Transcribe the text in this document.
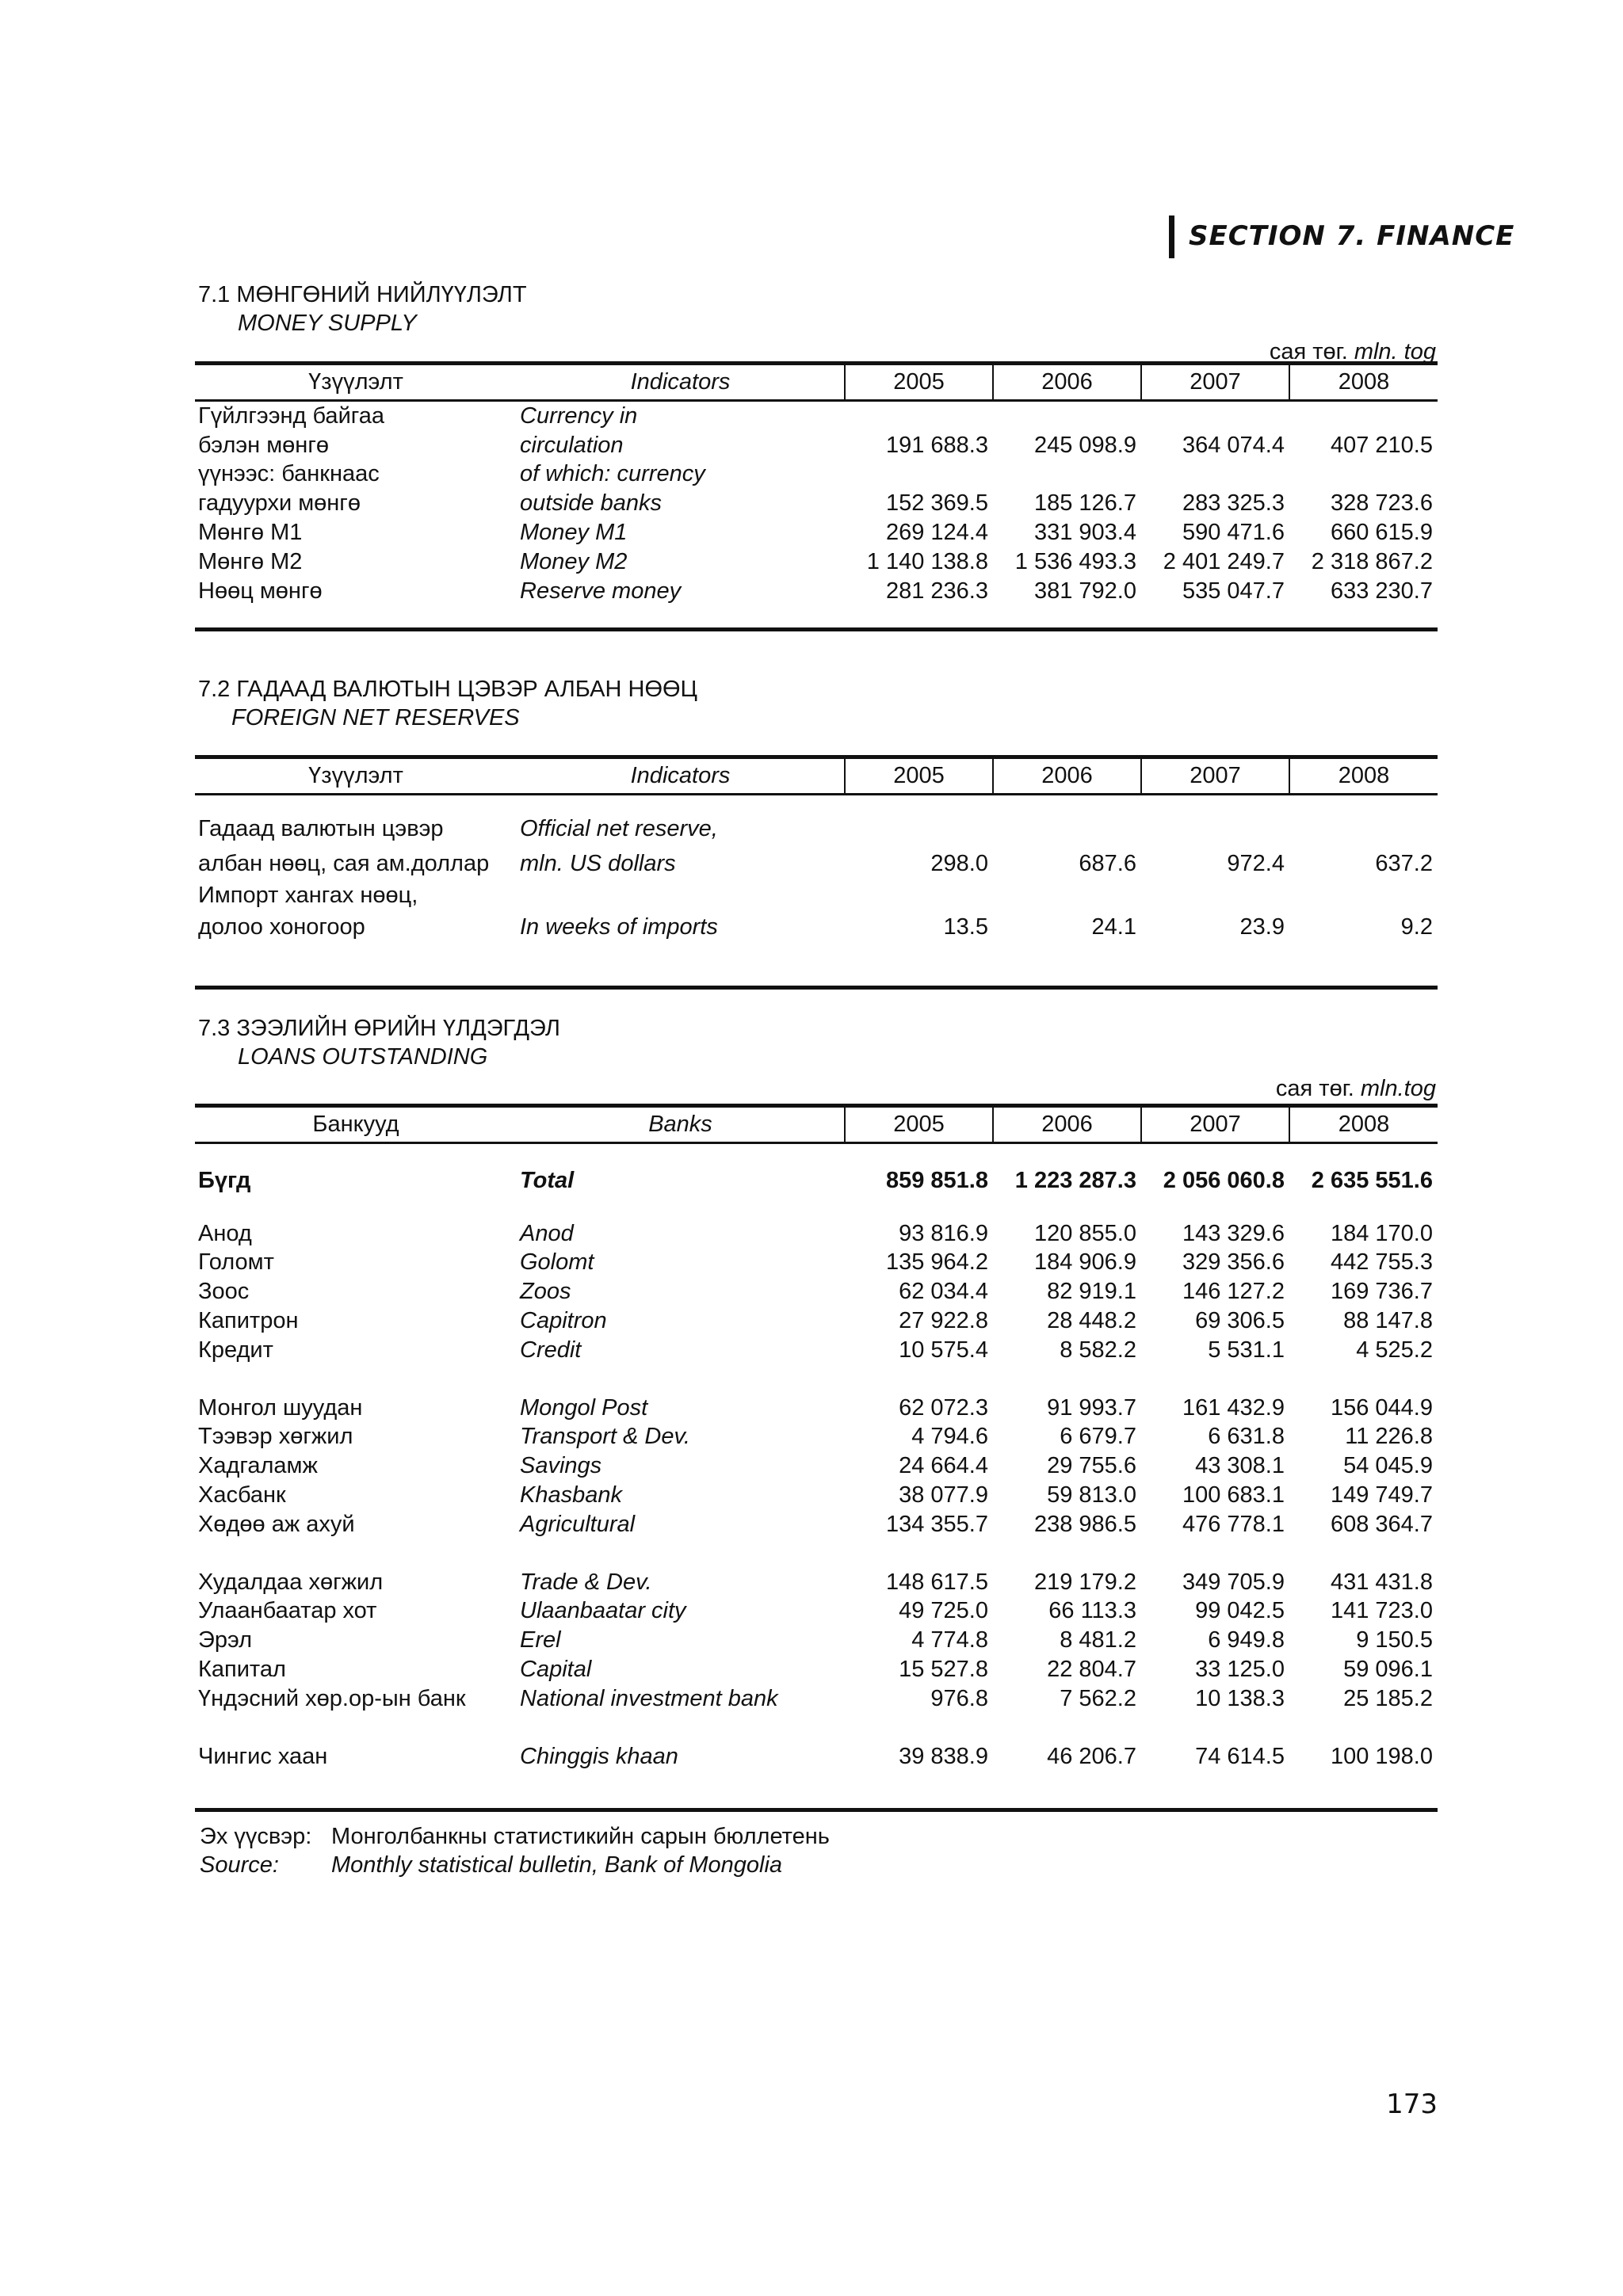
SECTION 7. FINANCE
7.1 МӨНГӨНИЙ НИЙЛҮҮЛЭЛТ
MONEY SUPPLY
сая төг. mln. tog
Үзүүлэлт	Indicators	2005	2006	2007	2008
Гүйлгээнд байгаа	Currency in				
бэлэн мөнгө	circulation	191 688.3	245 098.9	364 074.4	407 210.5
үүнээс: банкнаас	of which: currency				
гадуурхи мөнгө	outside banks	152 369.5	185 126.7	283 325.3	328 723.6
Мөнгө М1	Money M1	269 124.4	331 903.4	590 471.6	660 615.9
Мөнгө М2	Money M2	1 140 138.8	1 536 493.3	2 401 249.7	2 318 867.2
Нөөц мөнгө	Reserve money	281 236.3	381 792.0	535 047.7	633 230.7
7.2 ГАДААД ВАЛЮТЫН ЦЭВЭР АЛБАН НӨӨЦ
FOREIGN NET RESERVES
Үзүүлэлт	Indicators	2005	2006	2007	2008

Гадаад валютын цэвэр	Official net reserve,				
албан нөөц, сая ам.доллар	mln. US dollars	298.0	687.6	972.4	637.2
Импорт хангах нөөц,					
долоо хоногоор	In weeks of imports	13.5	24.1	23.9	9.2
7.3 ЗЭЭЛИЙН ӨРИЙН ҮЛДЭГДЭЛ
LOANS OUTSTANDING
сая төг. mln.tog
Банкууд	Banks	2005	2006	2007	2008

Бүгд	Total	859 851.8	1 223 287.3	2 056 060.8	2 635 551.6

Анод	Anod	93 816.9	120 855.0	143 329.6	184 170.0
Голомт	Golomt	135 964.2	184 906.9	329 356.6	442 755.3
Зоос	Zoos	62 034.4	82 919.1	146 127.2	169 736.7
Капитрон	Capitron	27 922.8	28 448.2	69 306.5	88 147.8
Кредит	Credit	10 575.4	8 582.2	5 531.1	4 525.2

Монгол шуудан	Mongol Post	62 072.3	91 993.7	161 432.9	156 044.9
Тээвэр хөгжил	Transport & Dev.	4 794.6	6 679.7	6 631.8	11 226.8
Хадгаламж	Savings	24 664.4	29 755.6	43 308.1	54 045.9
Хасбанк	Khasbank	38 077.9	59 813.0	100 683.1	149 749.7
Хөдөө аж ахуй	Agricultural	134 355.7	238 986.5	476 778.1	608 364.7

Худалдаа хөгжил	Trade & Dev.	148 617.5	219 179.2	349 705.9	431 431.8
Улаанбаатар хот	Ulaanbaatar city	49 725.0	66 113.3	99 042.5	141 723.0
Эрэл	Erel	4 774.8	8 481.2	6 949.8	9 150.5
Капитал	Capital	15 527.8	22 804.7	33 125.0	59 096.1
Үндэсний хөр.ор-ын банк	National investment bank	976.8	7 562.2	10 138.3	25 185.2

Чингис хаан	Chinggis khaan	39 838.9	46 206.7	74 614.5	100 198.0
Эх үүсвэр: Монголбанкны статистикийн сарын бюллетень
Source: Monthly statistical bulletin, Bank of Mongolia
173
